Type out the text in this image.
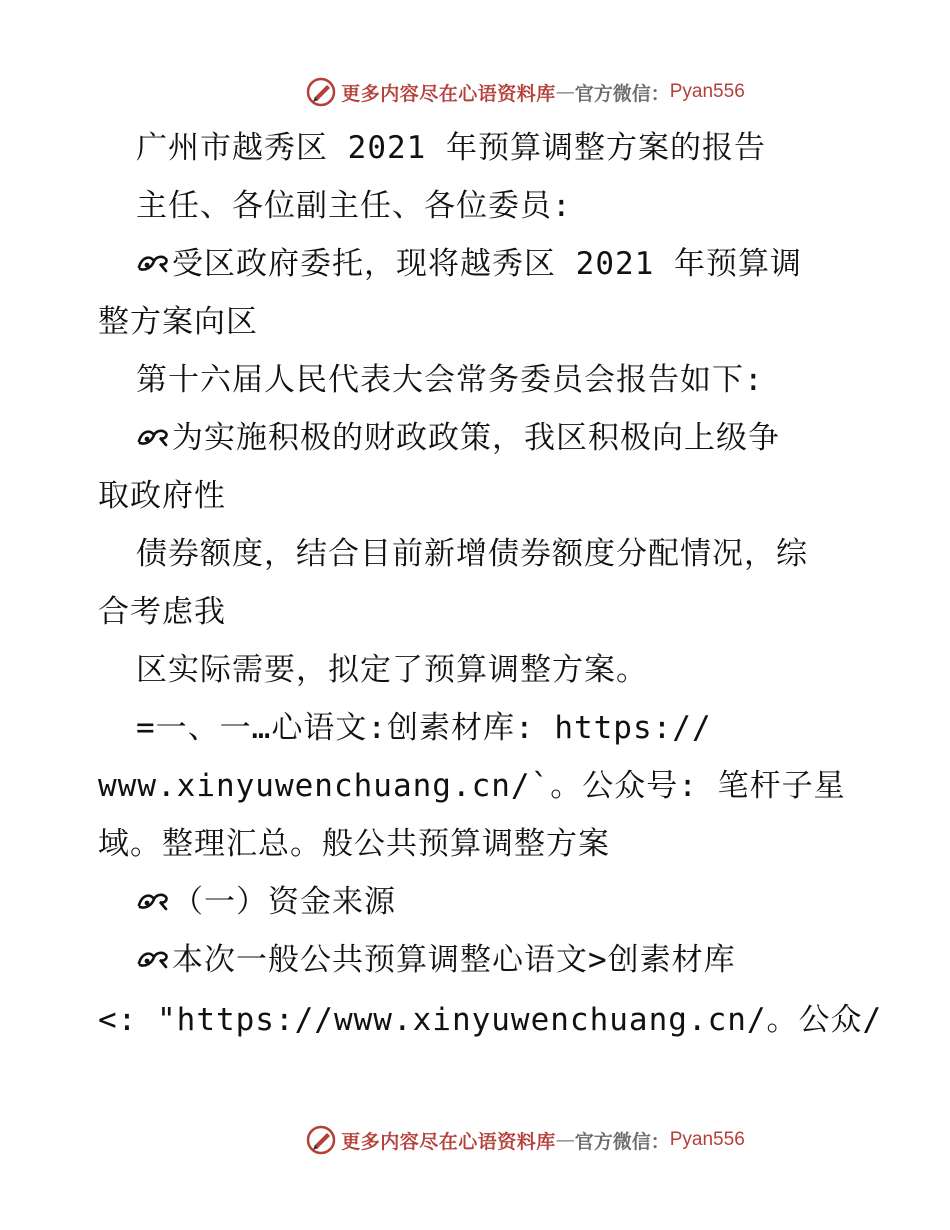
更多内容尽在心语资料库 — 官方微信： Pyan556
广州市越秀区 2021 年预算调整方案的报告
主任、各位副主任、各位委员:
受区政府委托，现将越秀区 2021 年预算调
整方案向区
第十六届人民代表大会常务委员会报告如下:
为实施积极的财政政策，我区积极向上级争
取政府性
债券额度，结合目前新增债券额度分配情况，综
合考虑我
区实际需要，拟定了预算调整方案。
=一、一…心语文:创素材库: https://
www.xinyuwenchuang.cn/`。公众号: 笔杆子星
域。整理汇总。般公共预算调整方案
（一）资金来源
本次一般公共预算调整心语文>创素材库
<: "https://www.xinyuwenchuang.cn/。公众/
更多内容尽在心语资料库 — 官方微信： Pyan556
